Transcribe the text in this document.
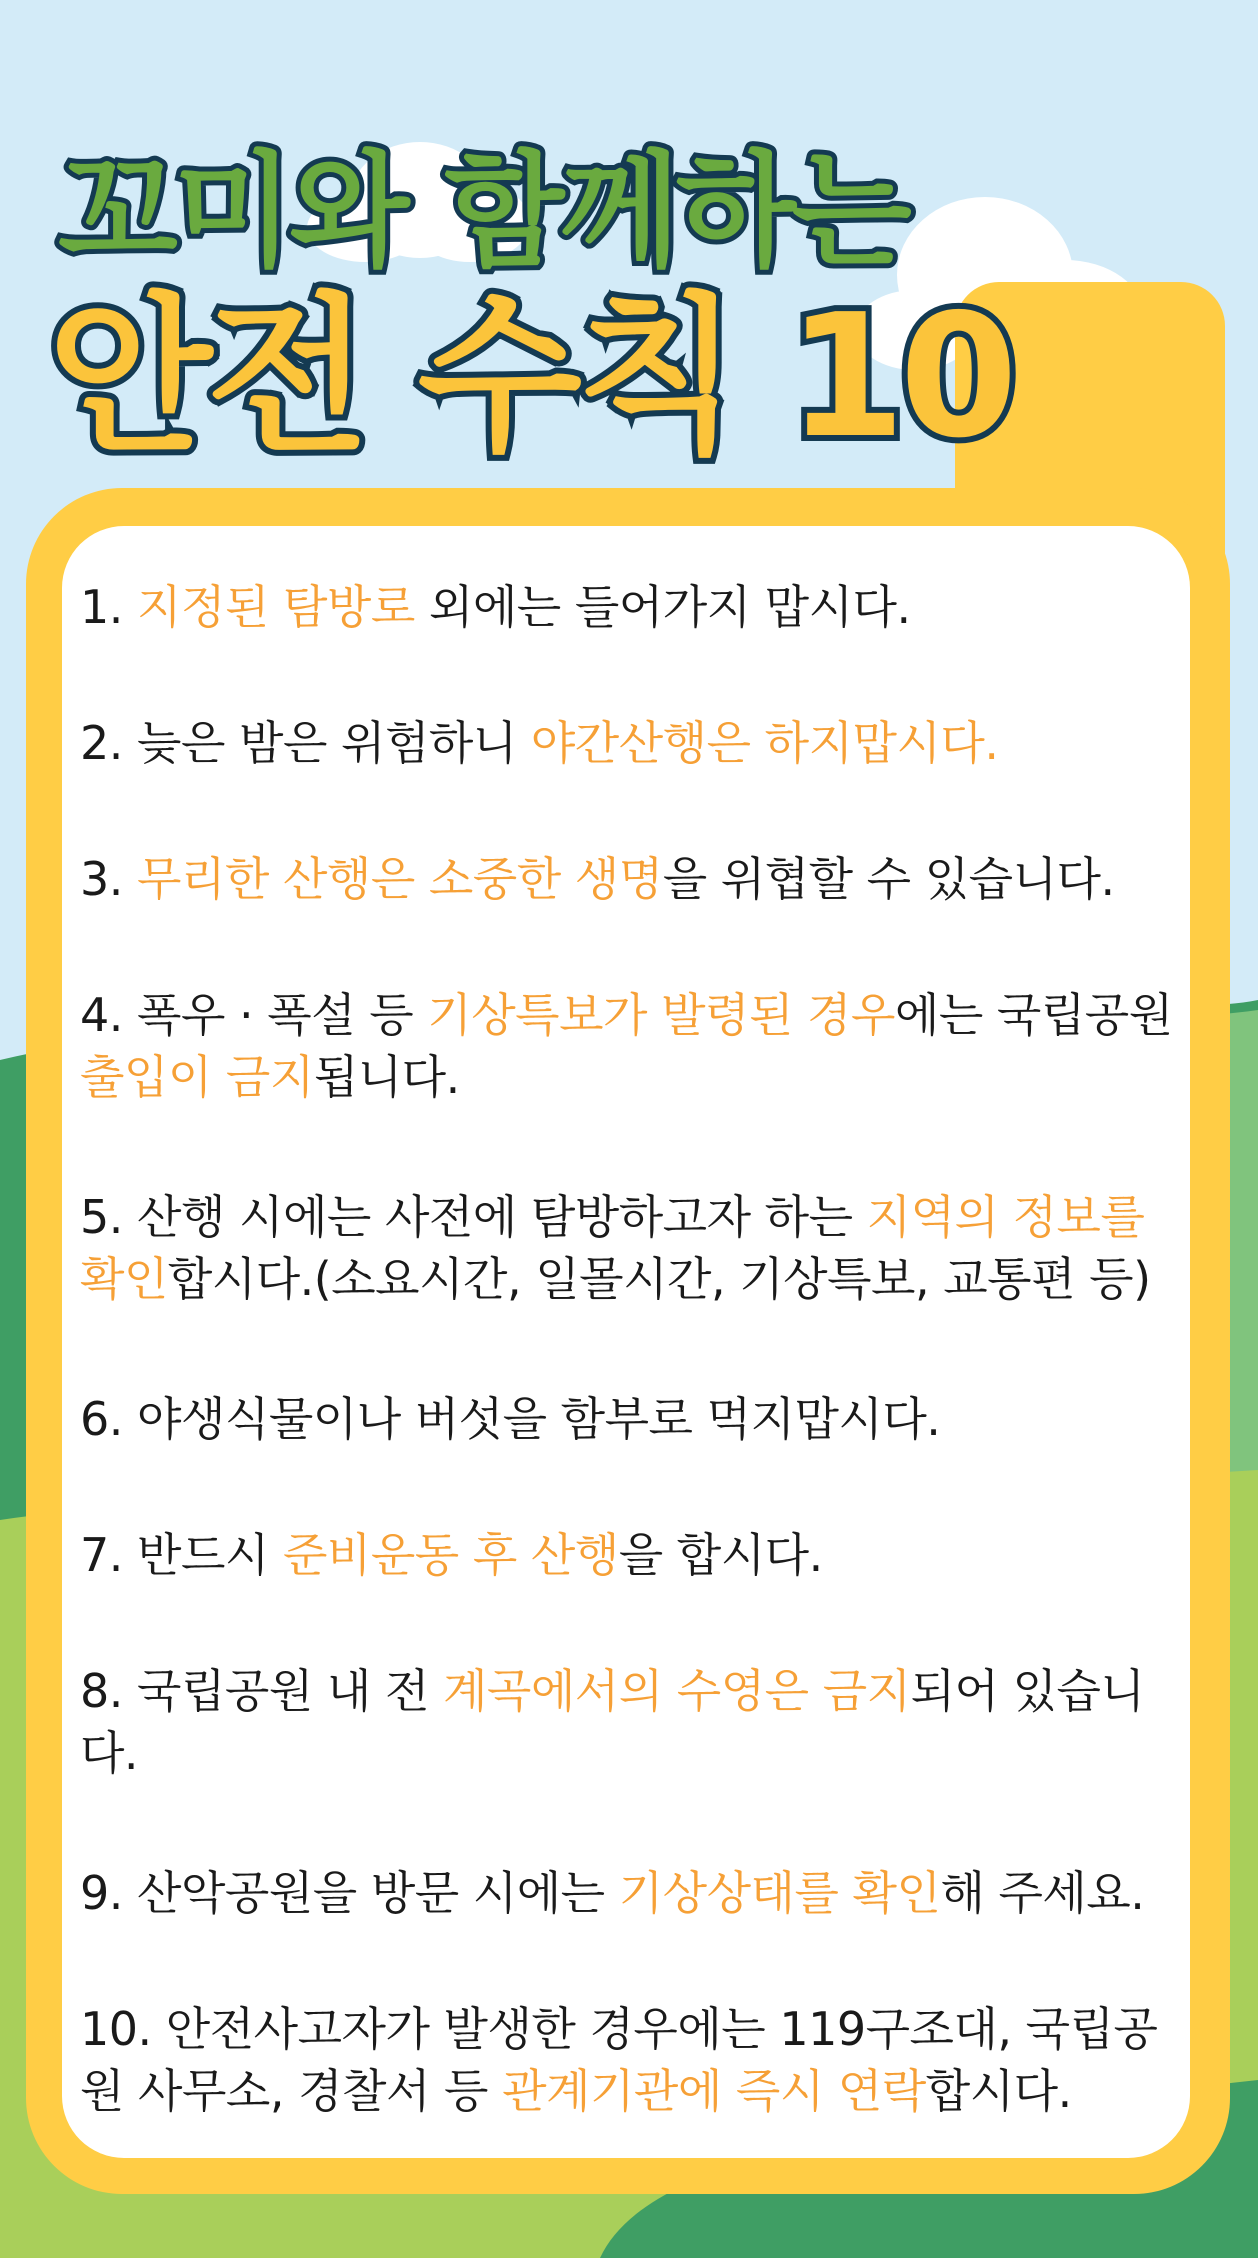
꼬미와 함께하는
안전 수칙 10
1. 지정된 탐방로 외에는 들어가지 맙시다.
2. 늦은 밤은 위험하니 야간산행은 하지맙시다.
3. 무리한 산행은 소중한 생명을 위협할 수 있습니다.
4. 폭우 · 폭설 등 기상특보가 발령된 경우에는 국립공원 출입이 금지됩니다.
5. 산행 시에는 사전에 탐방하고자 하는 지역의 정보를 확인합시다.(소요시간, 일몰시간, 기상특보, 교통편 등)
6. 야생식물이나 버섯을 함부로 먹지맙시다.
7. 반드시 준비운동 후 산행을 합시다.
8. 국립공원 내 전 계곡에서의 수영은 금지되어 있습니다.
9. 산악공원을 방문 시에는 기상상태를 확인해 주세요.
10. 안전사고자가 발생한 경우에는 119구조대, 국립공원 사무소, 경찰서 등 관계기관에 즉시 연락합시다.
